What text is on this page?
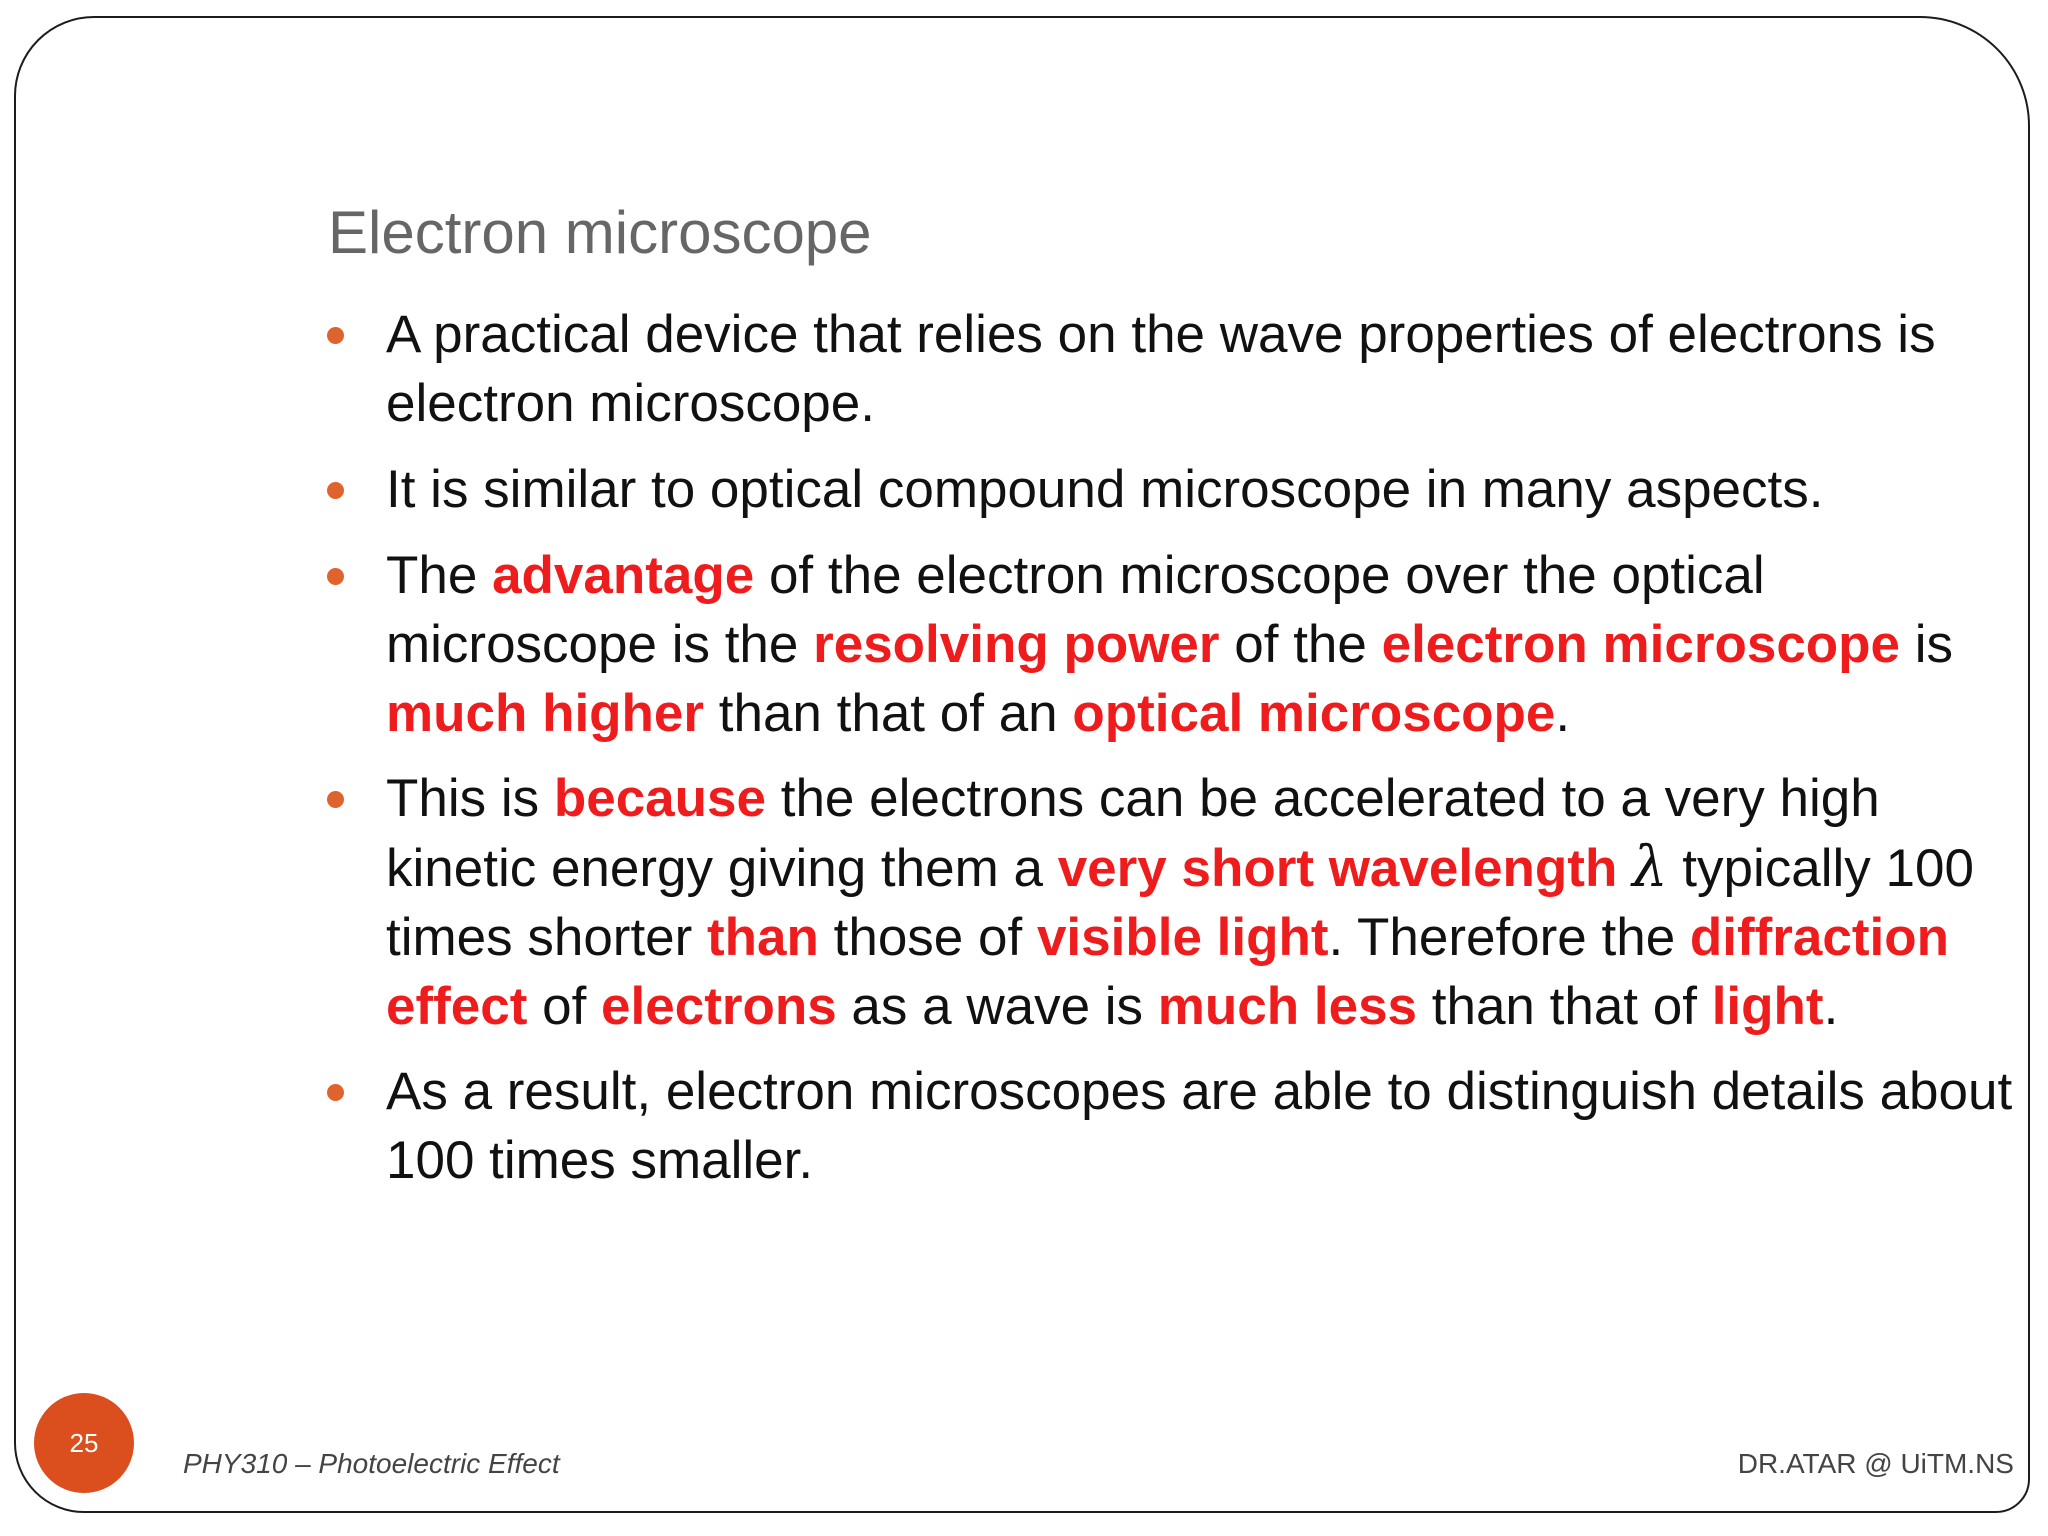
Electron microscope
A practical device that relies on the wave properties of electrons is electron microscope.
It is similar to optical compound microscope in many aspects.
The advantage of the electron microscope over the optical microscope is the resolving power of the electron microscope is much higher than that of an optical microscope.
This is because the electrons can be accelerated to a very high kinetic energy giving them a very short wavelength λ typically 100 times shorter than those of visible light. Therefore the diffraction effect of electrons as a wave is much less than that of light.
As a result, electron microscopes are able to distinguish details about 100 times smaller.
25
PHY310 – Photoelectric Effect	DR.ATAR @ UiTM.NS
